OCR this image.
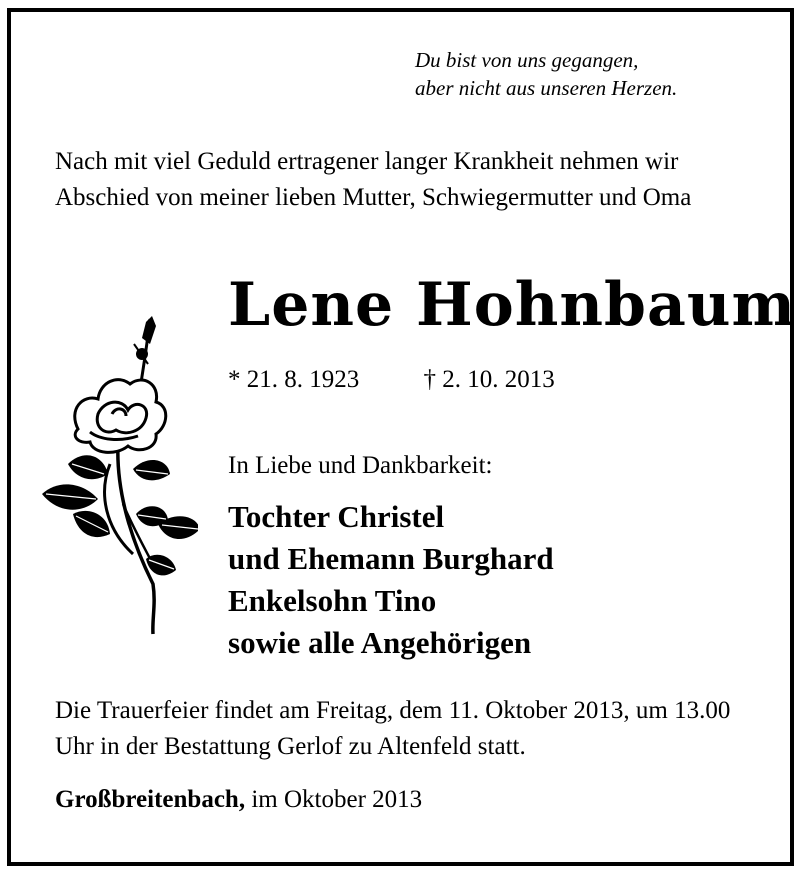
Du bist von uns gegangen,
aber nicht aus unseren Herzen.
Nach mit viel Geduld ertragener langer Krankheit nehmen wir Abschied von meiner lieben Mutter, Schwiegermutter und Oma
Lene Hohnbaum
* 21. 8. 1923	† 2. 10. 2013
In Liebe und Dankbarkeit:
Tochter Christel
und Ehemann Burghard
Enkelsohn Tino
sowie alle Angehörigen
Die Trauerfeier findet am Freitag, dem 11. Oktober 2013, um 13.00 Uhr in der Bestattung Gerlof zu Altenfeld statt.
Großbreitenbach, im Oktober 2013
